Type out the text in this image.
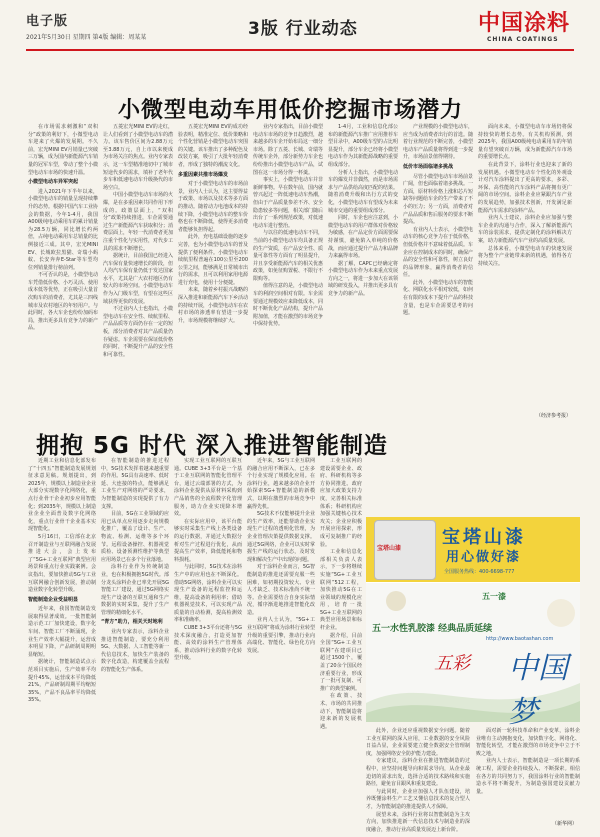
电子版
2021年5月30日 星期四 第4版 编辑：周某某	3版 行业动态	中国涂料
CHINA COATINGS
小微型电动车用低价挖掘市场潜力

在市场需求刺激和“双积分”政策的利好下，小微型电动车迎来了火爆的发展期。不久前，宏光MINI EV月销量已突破三万辆，成为国内新能源汽车销量的冠军车型，带动了整个小微型电动车市场的快速升温。

小微型电动车异军突起

进入2021年下半年以来，小微型电动车的销量呈现持续攀升的态势。根据中国汽车工业协会的数据，今年1-4月，我国A00级纯电动乘用车的累计销量为28.5万辆，同比增长约两倍，占纯电动乘用车总销量的比例接近三成。其中，宏光MINI EV、长城欧拉黑猫、奇瑞小蚂蚁、长安奔奔E-Star等车型均位列销量排行榜前列。

不可否认的是，小微型电动车凭借低价格、小巧灵活、使用成本低等优势，正在吸引大量首次购车的消费者，尤其是三四线城市及农村地区的年轻用户。与此同时，各大车企也纷纷加码布局，推出更多具有竞争力的新产品。

五菱宏光MINI EV的走红，让人们看到了小微型电动车的潜力。该车售价区间为2.88万元至3.88万元，自上市以来便成为市场关注的焦点。业内专家表示，这一车型精准地切中了城市短途代步的需求，填补了老年代步车和低速电动车升级换代的市场空白。

中国小微型电动车市场的火爆，是在多重因素共同作用下形成的。政策层面上，“双积分”政策持续推进，车企需要通过生产新能源汽车获取积分；消费层面上，年轻一代消费者更加注重个性化与实用性，对代步工具的需求不断增长。

据统计，目前我国已经进入汽车保有量快速增长的阶段，但人均汽车保有量仍低于发达国家水平，尤其是广大农村地区仍有较大的市场空间。小微型电动车作为入门级车型，有望在这些区域获得更快的发展。

不过业内人士也指出，小微型电动车在安全性、续航里程、产品品质等方面仍存在一定的短板，部分消费者对其产品质量仍存疑虑。车企需要在保证低价格的同时，不断提升产品的安全性和可靠性。

五菱宏光MINI EV的成功经验表明，精准定位、低价策略和个性化营销是小微型电动车突围的关键。该车推出了多种配色及改装方案，吸引了大批年轻消费者，形成了独特的潮流文化。

多重因素共推市场爆发

对于小微型电动车的市场前景，业内人士认为，这主要得益于政策、市场以及技术等多方面的推动。随着动力电池成本的持续下降，小微型电动车的整车价格也在不断降低，使得更多消费者能够负担得起。

此外，充电基础设施的逐步完善，也为小微型电动车的普及提供了便利条件。小微型电动车续航里程普遍在100公里至200公里之间，能够满足日常城市出行的需求，且可以利用家用电源进行充电，使用十分便捷。

未来，随着乡村振兴战略的深入推进和新能源汽车下乡活动的持续开展，小微型电动车在农村市场的渗透率有望进一步提升，市场规模将继续扩大。

业内专家指出，目前小微型电动车市场的竞争日趋激烈，越来越多的车企开始布局这一细分市场。除了五菱、长城、奇瑞等传统车企外，部分新势力车企也纷纷推出小微型电动车产品，试图在这一市场分得一杯羹。

事实上，小微型电动车并非新鲜事物。早在数年前，国内就曾兴起过一阵低速电动车热潮，但由于产品质量参差不齐、安全隐患较多等问题，相关部门随后出台了一系列规范政策，对低速电动车进行整治。

与以往的低速电动车不同，当前的小微型电动车均具备正规的生产资质，在产品安全性、质量可靠性等方面有了明显提升，并且享受新能源汽车的相关优惠政策，如免征购置税、不限行不限购等。

值得注意的是，小微型电动车的利润空间相对有限。车企需要通过规模效应来降低成本，同时不断优化产品结构，提升产品附加值，才能在激烈的市场竞争中保持优势。

1-4月，工业和信息化部公布的新能源汽车推广应用推荐车型目录中，A00级车型的占比明显提升，部分车企已经将小微型电动车作为其新能源战略的重要组成部分。

分析人士指出，小微型电动车的爆发并非偶然，而是市场需求与产品供给高度匹配的结果。随着消费升级和出行方式的变化，小微型电动车有望成为未来城市交通的重要组成部分。

同时，车企也应注意到，小微型电动车的用户群体对价格较为敏感，在产品定价方面需要保持谨慎，避免陷入单纯的价格战，而应通过提升产品力和品牌力来赢得市场。

据了解，CAPC已经确定将小微型电动车作为未来重点发展方向之一，将进一步加大在该领域的研发投入，并推出更多具有竞争力的新产品。

产业规模的小微型电动车，应当成为消费者出行的首选。随着行业规范的不断完善，小微型电动车产品质量将得到进一步提升，市场前景值得期待。

低价市场面临诸多挑战

尽管小微型电动车市场前景广阔，但也面临着诸多挑战。一方面，原材料价格上涨和芯片短缺等问题给车企的生产带来了不小的压力；另一方面，消费者对产品品质和售后服务的要求不断提高。

有业内人士表示，小微型电动车的核心竞争力在于低价格，但低价格并不意味着低品质。车企应在控制成本的同时，确保产品的安全性和可靠性，树立良好的品牌形象，赢得消费者的信任。

此外，小微型电动车的智能化、网联化水平相对较低，如何在有限的成本下提升产品的科技含量，也是车企需要思考的问题。

面向未来，小微型电动车市场仍将保持较快的增长态势。有关机构预测，到2025年，我国A00级纯电动乘用车的年销量有望突破百万辆，成为新能源汽车市场的重要增长点。

在此背景下，涂料行业也迎来了新的发展机遇。小微型电动车个性化的外观设计对汽车涂料提出了更高的要求，多彩、环保、高性能的汽车涂料产品将拥有更广阔的市场空间。涂料企业应紧跟汽车产业的发展趋势，加强技术创新，开发满足新能源汽车需求的涂料产品。

业内人士建议，涂料企业应加强与整车企业的沟通与合作，深入了解新能源汽车的涂装需求，提供定制化的涂料解决方案，助力新能源汽车产业的高质量发展。

总体来看，小微型电动车的快速发展将为整个产业链带来新的机遇，值得各方持续关注。

（经济参考报）
拥抱 5G 时代 深入推进智能制造

近期工业和信息化部发布了“十四五”智能制造发展规划征求意见稿。规划提出，到2025年，规模以上制造业企业大部分实现数字化网络化，重点行业骨干企业初步应用智能化；到2035年，规模以上制造业企业全面普及数字化网络化，重点行业骨干企业基本实现智能化。

5月16日，工信部在北京召开制造业与互联网融合发展推进大会，会上发布了“5G+工业互联网”典型应用场景和重点行业实践案例。会议指出，要加快推动5G与工业互联网融合创新发展，推动制造业数字化转型升级。

智能制造企业受益明显

近年来，我国智能制造发展取得显著成效。一批智能制造示范工厂加快建设，数字化车间、智能工厂不断涌现，企业生产效率大幅提升，运营成本明显下降，产品研制周期明显缩短。

据统计，智能制造试点示范项目实施后，生产效率平均提升45%，运营成本平均降低21%，产品研制周期平均缩短35%，产品不良品率平均降低35%。

在智能制造的推进过程中，5G技术发挥着越来越重要的作用。5G具有高速率、低时延、大连接的特点，能够满足工业生产对网络的严苛要求，为智能制造的实现提供了有力支撑。

目前，5G在工业领域的应用已从单点应用逐步走向规模化推广，覆盖了设计、生产、物流、检测、运维等多个环节。远程设备操控、机器视觉质检、设备预测性维护等典型应用场景已在多个行业落地。

涂料行业作为传统制造业，也在积极拥抱5G时代。部分龙头涂料企业已率先开展5G智能工厂建设，通过5G网络实现生产设备的互联互通和生产数据的实时采集，提升了生产管理的精细化水平。

“青方”助力，相关天时地利

业内专家表示，涂料企业推进智能制造，要充分利用5G、大数据、人工智能等新一代信息技术，加快生产装备的数字化改造，构建覆盖全流程的智能化生产体系。

实现工业互联网的互联互通。CUBE 3+3平台是一个基于工业互联网的智能化管理平台，通过云端部署的方式，为涂料企业提供从原材料采购到产品销售的全流程数字化管理服务，助力企业实现降本增效。

在实际应用中，该平台能够实时采集生产线上各类设备的运行数据，并通过大数据分析对生产过程进行优化，从而提高生产效率，降低能耗和物料损耗。

与此同时，5G技术在涂料生产中的应用也在不断深化。借助5G网络，涂料企业可以实现生产设备的远程监控和运维，提高设备的利用率；借助机器视觉技术，可以实现产品质量的自动检测，提高检测效率和准确率。

CUBE 3+3平台还将与5G技术深度融合，打造更加智能、高效的涂料生产管理体系，推动涂料行业的数字化转型升级。

近年来，5G与工业互联网的融合应用不断深入，已在多个行业实现了规模化应用。在涂料行业，越来越多的企业开始探索5G+智能制造的新模式，以期在激烈的市场竞争中赢得先机。

5G技术不仅能够提升企业的生产效率，还能帮助企业实现生产过程的透明化管理，为企业管理决策提供数据支撑。通过5G网络，企业可以实时掌握生产线的运行状态，及时发现和解决生产中出现的问题。

对于涂料企业而言，5G智能制造的推进还需要克服一些困难，如初期投资较大、专业人才缺乏、技术标准尚不统一等。企业需要结合自身实际情况，循序渐进地推进智能化改造。

业内人士认为，“5G+工业互联网”将成为涂料行业转型升级的重要引擎，推动行业向高端化、智能化、绿色化方向发展。

工业互联网的建设需要企业、政府、科研机构等多方协同推进。政府应加大政策支持力度，完善相关标准体系；科研机构应加强关键核心技术攻关；企业应积极开展应用探索，形成可复制推广的经验。

工业和信息化部相关负责人表示，下一步将继续实施“5G+工业互联网”512工程，加快推动5G在工业领域的规模化应用，培育一批5G+工业互联网的典型应用场景和标杆企业。

据介绍，目前全国“5G+工业互联网”在建项目已超过1500个，覆盖了20余个国民经济重要行业，形成了一批可复制、可推广的典型案例。

在政策、技术、市场的共同推动下，智能制造将迎来新的发展机遇。

此外，企业还应重视数据安全问题。随着工业互联网的深入应用，工业数据的安全风险日益凸显，企业需要建立健全数据安全管理制度，加强网络安全防护能力建设。

专家建议，涂料企业在推进智能制造的过程中，应坚持问题导向和需求导向，从企业最迫切的需求出发，选择合适的技术路线和实施路径，避免盲目跟风和重复建设。

与此同时，企业应加强人才队伍建设，培养既懂涂料生产工艺又懂信息技术的复合型人才，为智能制造的推进提供人才保障。

展望未来，涂料行业将以智能制造为主攻方向，加快推进新一代信息技术与制造业的深度融合，推动行业高质量发展迈上新台阶。

面对新一轮科技革命和产业变革，涂料企业唯有主动拥抱变化，加快数字化、网络化、智能化转型，才能在激烈的市场竞争中立于不败之地。

业内人士表示，智能制造是一项长期的系统工程，需要企业持续投入、不断探索。相信在各方的共同努力下，我国涂料行业的智能制造水平将不断提升，为制造强国建设贡献力量。

（新华网）
宝塔山漆
宝塔山漆
用心做好漆
全国服务热线：400-6698-777
五一漆
五一水性乳胶漆 经典品质延续
http://www.baotashan.com
五彩 中国梦
